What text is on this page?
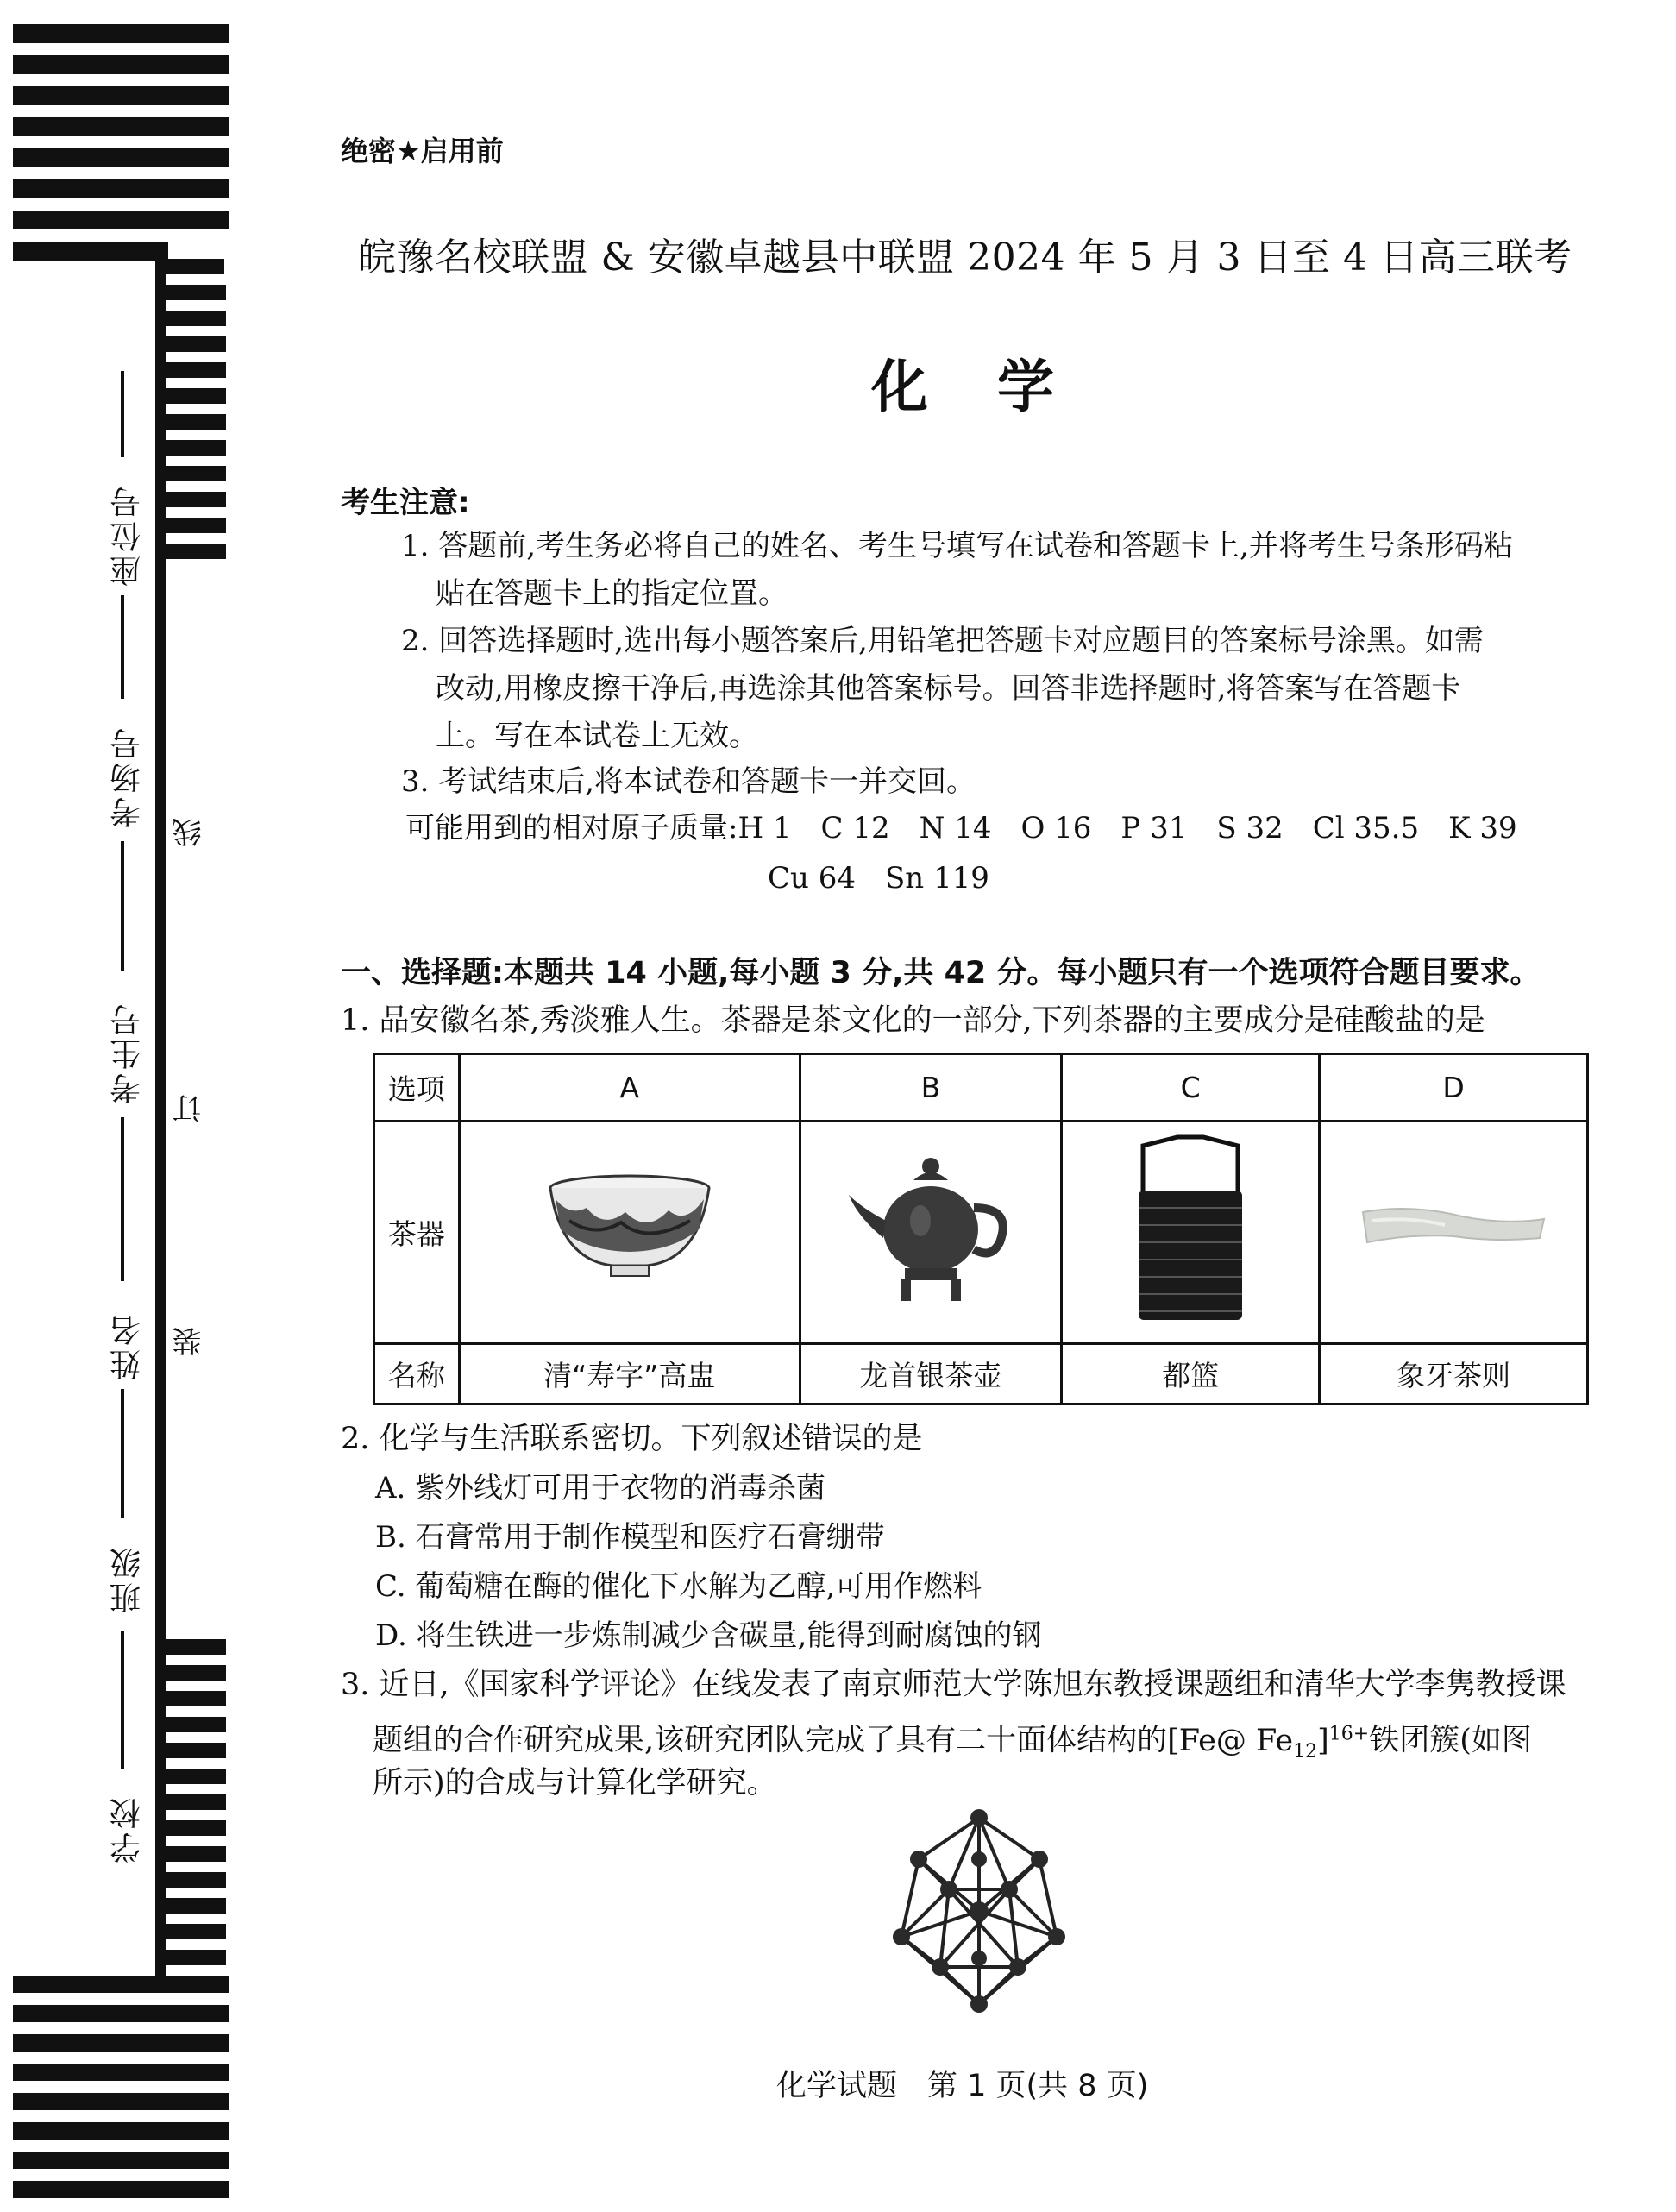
座位号
考场号
考生号
姓名
班级
学校
线
订
装
绝密★启用前
皖豫名校联盟 & 安徽卓越县中联盟 2024 年 5 月 3 日至 4 日高三联考
化学
考生注意:
1. 答题前,考生务必将自己的姓名、考生号填写在试卷和答题卡上,并将考生号条形码粘
贴在答题卡上的指定位置。
2. 回答选择题时,选出每小题答案后,用铅笔把答题卡对应题目的答案标号涂黑。如需
改动,用橡皮擦干净后,再选涂其他答案标号。回答非选择题时,将答案写在答题卡
上。写在本试卷上无效。
3. 考试结束后,将本试卷和答题卡一并交回。
可能用到的相对原子质量:H 1　C 12　N 14　O 16　P 31　S 32　Cl 35.5　K 39
Cu 64　Sn 119
一、选择题:本题共 14 小题,每小题 3 分,共 42 分。每小题只有一个选项符合题目要求。
1. 品安徽名茶,秀淡雅人生。茶器是茶文化的一部分,下列茶器的主要成分是硅酸盐的是
选项	A	B	C	D
茶器				
名称	清“寿字”高盅	龙首银茶壶	都篮	象牙茶则
2. 化学与生活联系密切。下列叙述错误的是
A. 紫外线灯可用于衣物的消毒杀菌
B. 石膏常用于制作模型和医疗石膏绷带
C. 葡萄糖在酶的催化下水解为乙醇,可用作燃料
D. 将生铁进一步炼制减少含碳量,能得到耐腐蚀的钢
3. 近日,《国家科学评论》在线发表了南京师范大学陈旭东教授课题组和清华大学李隽教授课
题组的合作研究成果,该研究团队完成了具有二十面体结构的[Fe@ $Fe_{12}]^{16+}$铁团簇(如图
所示)的合成与计算化学研究。
化学试题　第 1 页(共 8 页)
